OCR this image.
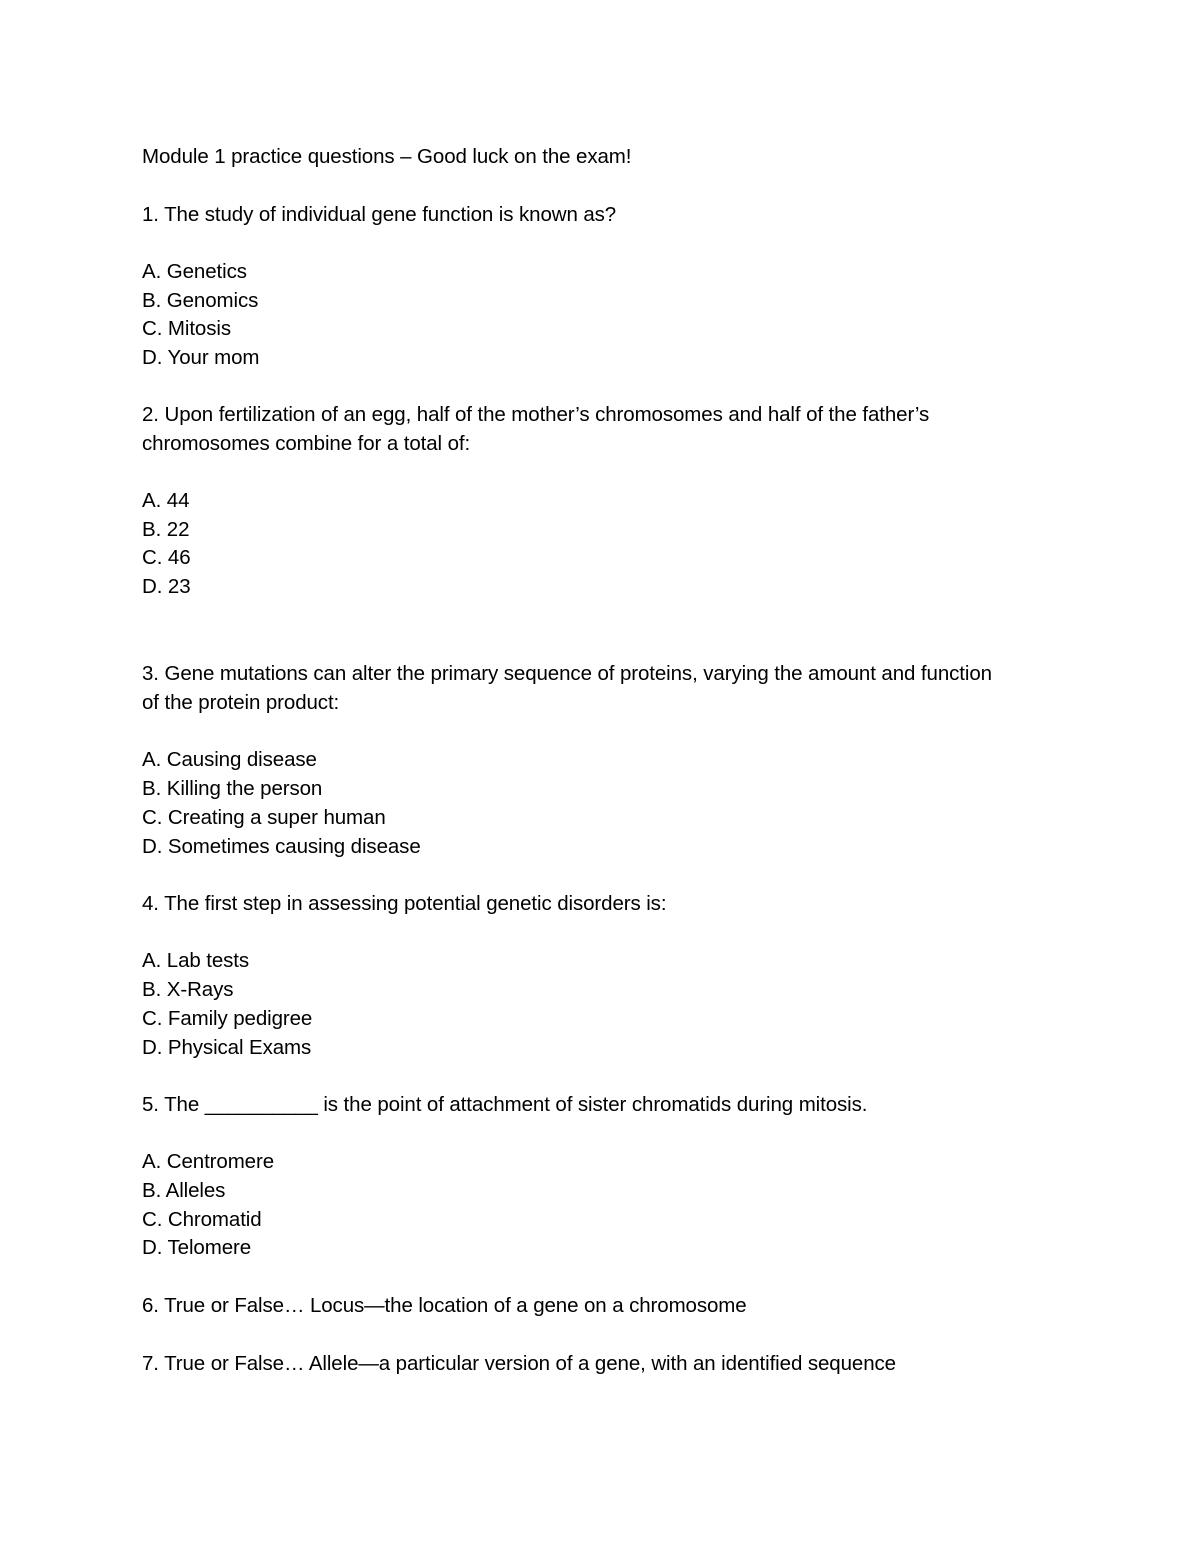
Module 1 practice questions – Good luck on the exam!
1. The study of individual gene function is known as?
A. Genetics
B. Genomics
C. Mitosis
D. Your mom
2. Upon fertilization of an egg, half of the mother’s chromosomes and half of the father’s
chromosomes combine for a total of:
A. 44
B. 22
C. 46
D. 23
3. Gene mutations can alter the primary sequence of proteins, varying the amount and function
of the protein product:
A. Causing disease
B. Killing the person
C. Creating a super human
D. Sometimes causing disease
4. The first step in assessing potential genetic disorders is:
A. Lab tests
B. X-Rays
C. Family pedigree
D. Physical Exams
5. The __________ is the point of attachment of sister chromatids during mitosis.
A. Centromere
B. Alleles
C. Chromatid
D. Telomere
6. True or False… Locus—the location of a gene on a chromosome
7. True or False… Allele—a particular version of a gene, with an identified sequence
